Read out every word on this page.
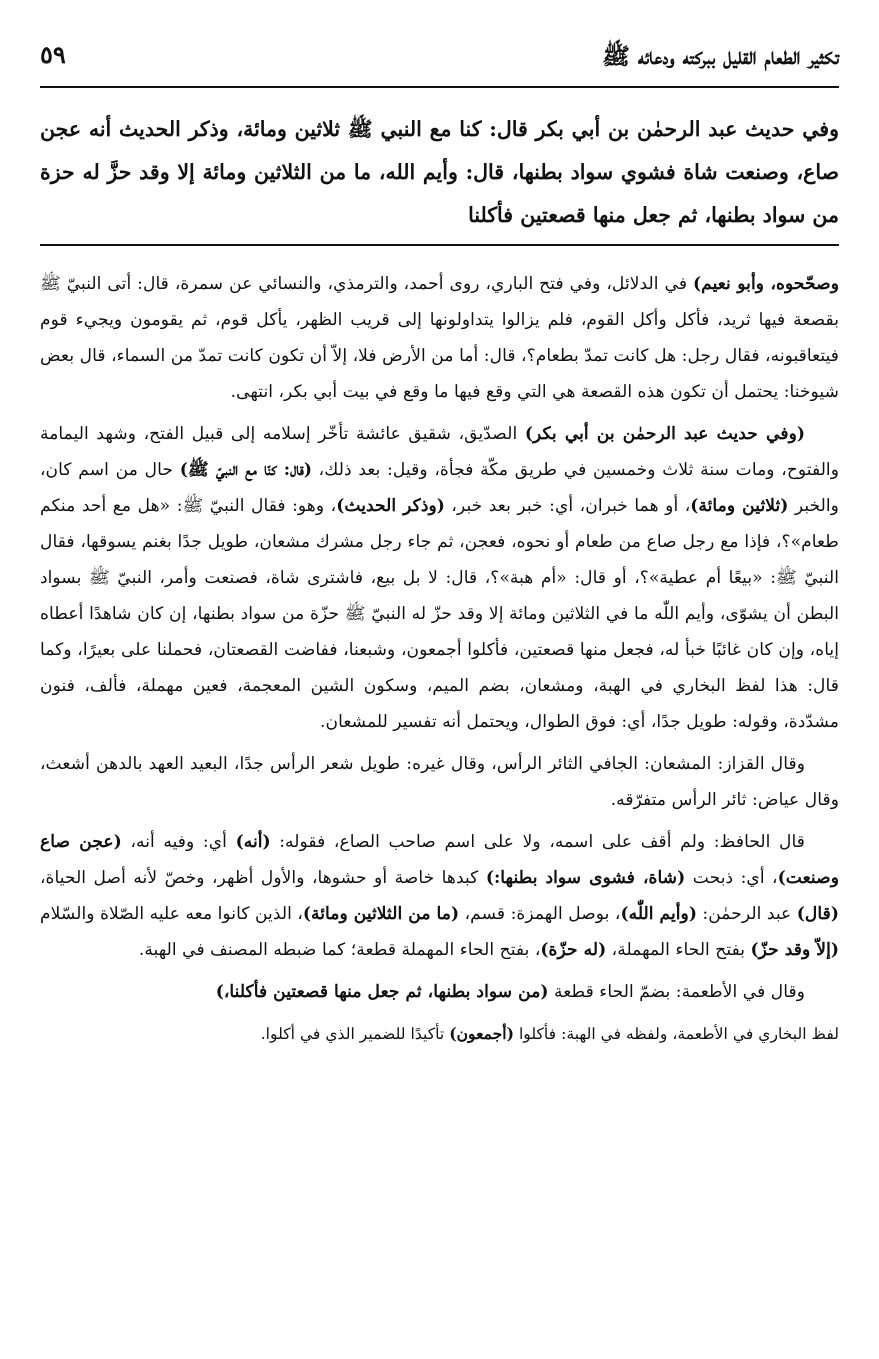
تكثير الطعام القليل ببركته ودعائه ﷺ
٥٩

وفي حديث عبد الرحمٰن بن أبي بكر قال: كنا مع النبي ﷺ ثلاثين ومائة، وذكر الحديث أنه عجن صاع، وصنعت شاة فشوي سواد بطنها، قال: وأيم الله، ما من الثلاثين ومائة إلا وقد حزَّ له حزة من سواد بطنها، ثم جعل منها قصعتين فأكلنا

وصحّحوه، وأبو نعيم) في الدلائل، وفي فتح الباري، روى أحمد، والترمذي، والنسائي عن سمرة، قال: أتى النبيّ ﷺ بقصعة فيها ثريد، فأكل وأكل القوم، فلم يزالوا يتداولونها إلى قريب الظهر، يأكل قوم، ثم يقومون ويجيء قوم فيتعاقبونه، فقال رجل: هل كانت تمدّ بطعام؟، قال: أما من الأرض فلا، إلاّ أن تكون كانت تمدّ من السماء، قال بعض شيوخنا: يحتمل أن تكون هذه القصعة هي التي وقع فيها ما وقع في بيت أبي بكر، انتهى.

(وفي حديث عبد الرحمٰن بن أبي بكر) الصدّيق، شقيق عائشة تأخّر إسلامه إلى قبيل الفتح، وشهد اليمامة والفتوح، ومات سنة ثلاث وخمسين في طريق مكّة فجأة، وقيل: بعد ذلك، (قال: كنّا مع النبيّ ﷺ) حال من اسم كان، والخبر (ثلاثين ومائة)، أو هما خبران، أي: خبر بعد خبر، (وذكر الحديث)، وهو: فقال النبيّ ﷺ: «هل مع أحد منكم طعام»؟، فإذا مع رجل صاع من طعام أو نحوه، فعجن، ثم جاء رجل مشرك مشعان، طويل جدًا بغنم يسوقها، فقال النبيّ ﷺ: «بيعًا أم عطية»؟، أو قال: «أم هبة»؟، قال: لا بل بيع، فاشترى شاة، فصنعت وأمر، النبيّ ﷺ بسواد البطن أن يشوّى، وأيم اللّٰه ما في الثلاثين ومائة إلا وقد حزّ له النبيّ ﷺ حزّة من سواد بطنها، إن كان شاهدًا أعطاه إياه، وإن كان غائبًا خبأ له، فجعل منها قصعتين، فأكلوا أجمعون، وشبعنا، ففاضت القصعتان، فحملنا على بعيرًا، وكما قال: هذا لفظ البخاري في الهبة، ومشعان، بضم الميم، وسكون الشين المعجمة، فعين مهملة، فألف، فنون مشدّدة، وقوله: طويل جدًا، أي: فوق الطوال، ويحتمل أنه تفسير للمشعان.

وقال القزاز: المشعان: الجافي الثائر الرأس، وقال غيره: طويل شعر الرأس جدًا، البعيد العهد بالدهن أشعث، وقال عياض: ثائر الرأس متفرّقه.

قال الحافظ: ولم أقف على اسمه، ولا على اسم صاحب الصاع، فقوله: (أنه) أي: وفيه أنه، (عجن صاع وصنعت)، أي: ذبحت (شاة، فشوى سواد بطنها:) كبدها خاصة أو حشوها، والأول أظهر، وخصّ لأنه أصل الحياة، (قال) عبد الرحمٰن: (وأيم اللّٰه)، بوصل الهمزة: قسم، (ما من الثلاثين ومائة)، الذين كانوا معه عليه الصّلاة والسّلام (إلاّ وقد حزّ) بفتح الحاء المهملة، (له حزّة)، بفتح الحاء المهملة قطعة؛ كما ضبطه المصنف في الهبة.

وقال في الأطعمة: بضمّ الحاء قطعة (من سواد بطنها، ثم جعل منها قصعتين فأكلنا،)

لفظ البخاري في الأطعمة، ولفظه في الهبة: فأكلوا (أجمعون) تأكيدًا للضمير الذي في أكلوا.
